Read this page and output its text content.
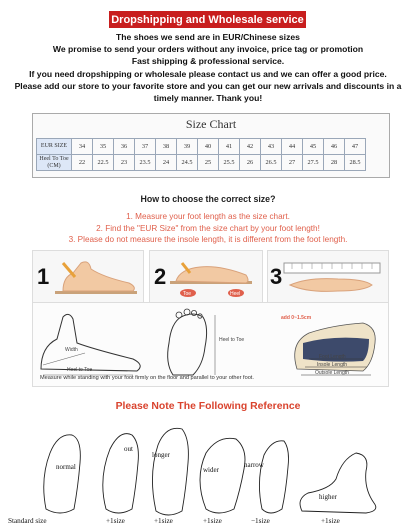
Dropshipping and Wholesale service
The shoes we send are in EUR/Chinese sizes
We promise to send your orders without any invoice, price tag or promotion
Fast shipping & professional service.
If you need dropshipping or wholesale please contact us and we can offer a good price.
Please add our store to your favorite store and you can get our new arrivals and discounts in a timely manner. Thank you!
Size Chart
EUR SIZE	34	35	36	37	38	39	40	41	42	43	44	45	46	47
Heel To Toe (CM)	22	22.5	23	23.5	24	24.5	25	25.5	26	26.5	27	27.5	28	28.5
How to choose the correct size?
1. Measure your foot length as the size chart.
2. Find the "EUR Size" from the size chart by your foot length!
3. Please do not measure the insole length, it is different from the foot length.
1	2
Toe	Heel
3
Width
Heel to Toe
Heel to Toe
add 0~1.5cm
Foot Length
Insole Length
Outsole Length
Measure while standing with your foot firmly on the floor and parallel to your other foot.
Please Note The Following Reference
normal
out
longer
wider
narrow
higher
Standard size	+1size	+1size	+1size	−1size	+1size
